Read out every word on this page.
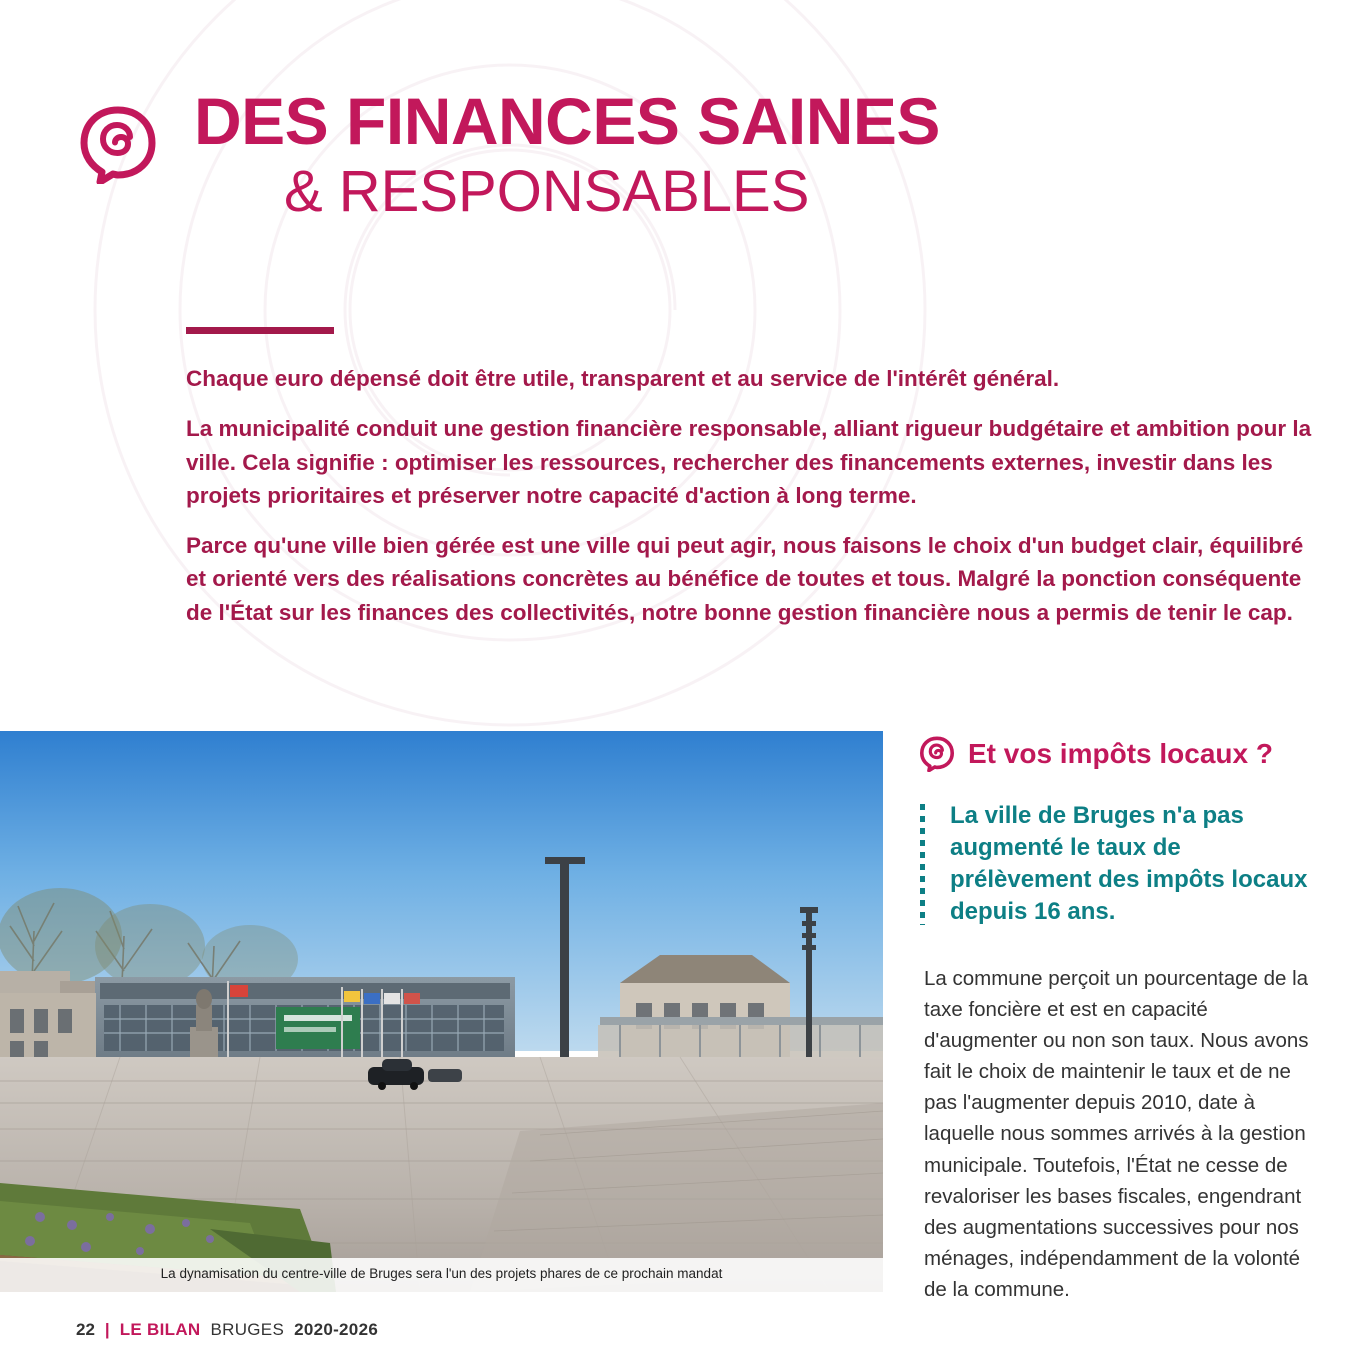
DES FINANCES SAINES
& RESPONSABLES

Chaque euro dépensé doit être utile, transparent et au service de l'intérêt général.

La municipalité conduit une gestion financière responsable, alliant rigueur budgétaire et ambition pour la ville. Cela signifie : optimiser les ressources, rechercher des financements externes, investir dans les projets prioritaires et préserver notre capacité d'action à long terme.

Parce qu'une ville bien gérée est une ville qui peut agir, nous faisons le choix d'un budget clair, équilibré et orienté vers des réalisations concrètes au bénéfice de toutes et tous. Malgré la ponction conséquente de l'État sur les finances des collectivités, notre bonne gestion financière nous a permis de tenir le cap.

La dynamisation du centre-ville de Bruges sera l'un des projets phares de ce prochain mandat
Et vos impôts locaux ?
La ville de Bruges n'a pas augmenté le taux de prélèvement des impôts locaux depuis 16 ans.

La commune perçoit un pourcentage de la taxe foncière et est en capacité d'augmenter ou non son taux. Nous avons fait le choix de maintenir le taux et de ne pas l'augmenter depuis 2010, date à laquelle nous sommes arrivés à la gestion municipale. Toutefois, l'État ne cesse de revaloriser les bases fiscales, engendrant des augmentations successives pour nos ménages, indépendamment de la volonté de la commune.

22 | LE BILAN BRUGES 2020-2026
